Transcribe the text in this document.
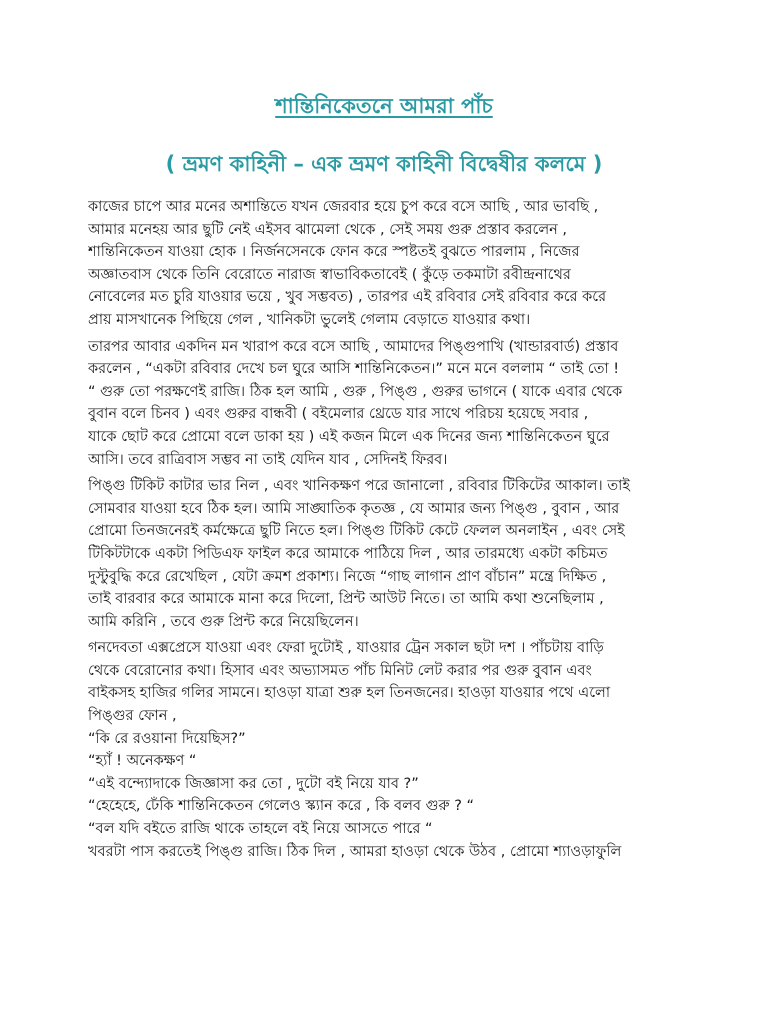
শান্তিনিকেতনে আমরা পাঁচ
( ভ্রমণ কাহিনী – এক ভ্রমণ কাহিনী বিদ্বেষীর কলমে )
কাজের চাপে আর মনের অশান্তিতে যখন জেরবার হয়ে চুপ করে বসে আছি , আর ভাবছি ,
আমার মনেহয় আর ছুটি নেই এইসব ঝামেলা থেকে , সেই সময় গুরু প্রস্তাব করলেন ,
শান্তিনিকেতন যাওয়া হোক । নির্জনসেনকে ফোন করে স্পষ্টতই বুঝতে পারলাম , নিজের
অজ্ঞাতবাস থেকে তিনি বেরোতে নারাজ স্বাভাবিকতাবেই ( কুঁড়ে তকমাটা রবীন্দ্রনাথের
নোবেলের মত চুরি যাওয়ার ভয়ে , খুব সম্ভবত) , তারপর এই রবিবার সেই রবিবার করে করে
প্রায় মাসখানেক পিছিয়ে গেল , খানিকটা ভুলেই গেলাম বেড়াতে যাওয়ার কথা।
তারপর আবার একদিন মন খারাপ করে বসে আছি , আমাদের পিঙ্গুপাখি (খান্ডারবার্ড) প্রস্তাব
করলেন , “একটা রবিবার দেখে চল ঘুরে আসি শান্তিনিকেতন।” মনে মনে বললাম “ তাই তো !
“ গুরু তো পরক্ষণেই রাজি। ঠিক হল আমি , গুরু , পিঙ্গু , গুরুর ভাগনে ( যাকে এবার থেকে
বুবান বলে চিনব ) এবং গুরুর বান্ধবী ( বইমেলার থ্রেডে যার সাথে পরিচয় হয়েছে সবার ,
যাকে ছোট করে প্রোমো বলে ডাকা হয় ) এই কজন মিলে এক দিনের জন্য শান্তিনিকেতন ঘুরে
আসি। তবে রাত্রিবাস সম্ভব না তাই যেদিন যাব , সেদিনই ফিরব।
পিঙ্গু টিকিট কাটার ভার নিল , এবং খানিকক্ষণ পরে জানালো , রবিবার টিকিটের আকাল। তাই
সোমবার যাওয়া হবে ঠিক হল। আমি সাঙ্ঘাতিক কৃতজ্ঞ , যে আমার জন্য পিঙ্গু , বুবান , আর
প্রোমো তিনজনেরই কর্মক্ষেত্রে ছুটি নিতে হল। পিঙ্গু টিকিট কেটে ফেলল অনলাইন , এবং সেই
টিকিটটাকে একটা পিডিএফ ফাইল করে আমাকে পাঠিয়ে দিল , আর তারমধ্যে একটা কচিমত
দুস্টুবুদ্ধি করে রেখেছিল , যেটা ক্রমশ প্রকাশ্য। নিজে “গাছ লাগান প্রাণ বাঁচান” মন্ত্রে দিক্ষিত ,
তাই বারবার করে আমাকে মানা করে দিলো, প্রিন্ট আউট নিতে। তা আমি কথা শুনেছিলাম ,
আমি করিনি , তবে গুরু প্রিন্ট করে নিয়েছিলেন।
গনদেবতা এক্সপ্রেসে যাওয়া এবং ফেরা দুটোই , যাওয়ার ট্রেন সকাল ছটা দশ । পাঁচটায় বাড়ি
থেকে বেরোনোর কথা। হিসাব এবং অভ্যাসমত পাঁচ মিনিট লেট করার পর গুরু বুবান এবং
বাইকসহ হাজির গলির সামনে। হাওড়া যাত্রা শুরু হল তিনজনের। হাওড়া যাওয়ার পথে এলো
পিঙ্গুর ফোন ,
“কি রে রওয়ানা দিয়েছিস?”
“হ্যাঁ ! অনেকক্ষণ “
“এই বন্দ্যোদাকে জিজ্ঞাসা কর তো , দুটো বই নিয়ে যাব ?”
“হেহেহে, ঢেঁকি শান্তিনিকেতন গেলেও স্ক্যান করে , কি বলব গুরু ? “
“বল যদি বইতে রাজি থাকে তাহলে বই নিয়ে আসতে পারে “
খবরটা পাস করতেই পিঙ্গু রাজি। ঠিক দিল , আমরা হাওড়া থেকে উঠব , প্রোমো শ্যাওড়াফুলি
